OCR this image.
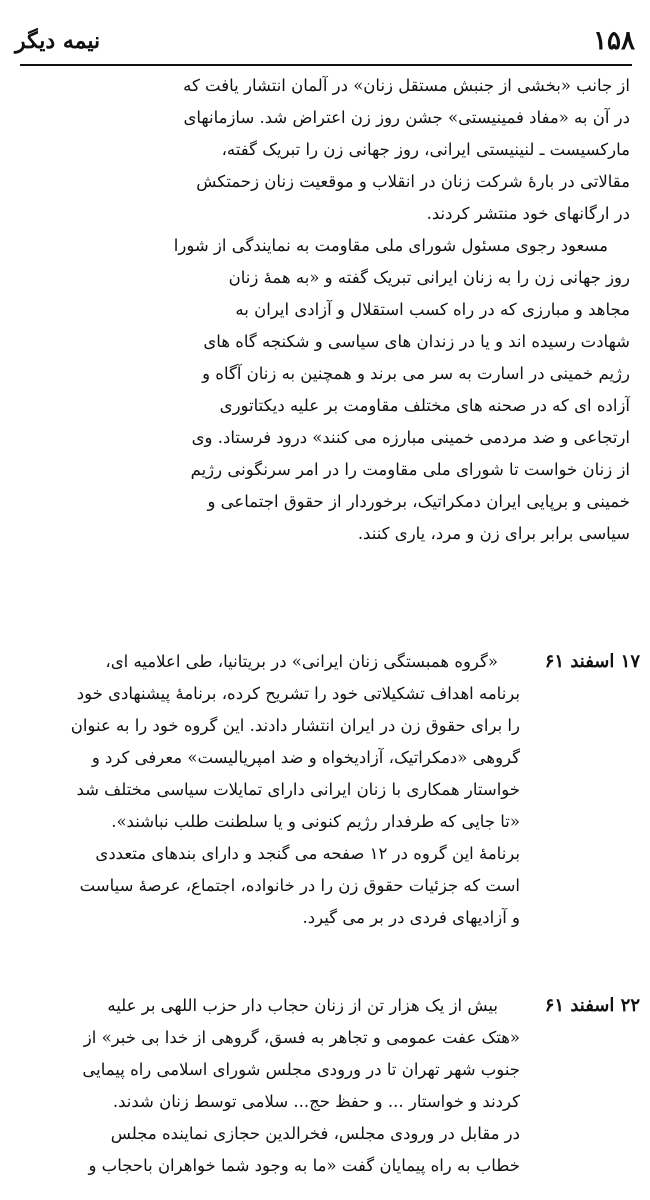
۱۵۸
نیمه دیگر
از جانب «بخشی از جنبش مستقل زنان» در آلمان انتشار یافت که
در آن به «مفاد فمینیستی» جشن روز زن اعتراض شد. سازمانهای
مارکسیست ـ لنینیستی ایرانی، روز جهانی زن را تبریک گفته،
مقالاتی در بارهٔ شرکت زنان در انقلاب و موقعیت زنان زحمتکش
در ارگانهای خود منتشر کردند.
مسعود رجوی مسئول شورای ملی مقاومت به نمایندگی از شورا
روز جهانی زن را به زنان ایرانی تبریک گفته و «به همهٔ زنان
مجاهد و مبارزی که در راه کسب استقلال و آزادی ایران به
شهادت رسیده اند و یا در زندان های سیاسی و شکنجه گاه های
رژیم خمینی در اسارت به سر می برند و همچنین به زنان آگاه و
آزاده ای که در صحنه های مختلف مقاومت بر علیه دیکتاتوری
ارتجاعی و ضد مردمی خمینی مبارزه می کنند» درود فرستاد. وی
از زنان خواست تا شورای ملی مقاومت را در امر سرنگونی رژیم
خمینی و برپایی ایران دمکراتیک، برخوردار از حقوق اجتماعی و
سیاسی برابر برای زن و مرد، یاری کنند.
۱۷ اسفند ۶۱
«گروه همبستگی زنان ایرانی» در بریتانیا، طی اعلامیه ای،
برنامه اهداف تشکیلاتی خود را تشریح کرده، برنامهٔ پیشنهادی خود
را برای حقوق زن در ایران انتشار دادند. این گروه خود را به عنوان
گروهی «دمکراتیک، آزادیخواه و ضد امپریالیست» معرفی کرد و
خواستار همکاری با زنان ایرانی دارای تمایلات سیاسی مختلف شد
«تا جایی که طرفدار رژیم کنونی و یا سلطنت طلب نباشند».
برنامهٔ این گروه در ۱۲ صفحه می گنجد و دارای بندهای متعددی
است که جزئیات حقوق زن را در خانواده، اجتماع، عرصهٔ سیاست
و آزادیهای فردی در بر می گیرد.
۲۲ اسفند ۶۱
بیش از یک هزار تن از زنان حجاب دار حزب اللهی بر علیه
«هتک عفت عمومی و تجاهر به فسق، گروهی از خدا بی خبر» از
جنوب شهر تهران تا در ورودی مجلس شورای اسلامی راه پیمایی
کردند و خواستار ... و حفظ حج... سلامی توسط زنان شدند.
در مقابل در ورودی مجلس، فخرالدین حجازی نماینده مجلس
خطاب به راه پیمایان گفت «ما به وجود شما خواهران باحجاب و
